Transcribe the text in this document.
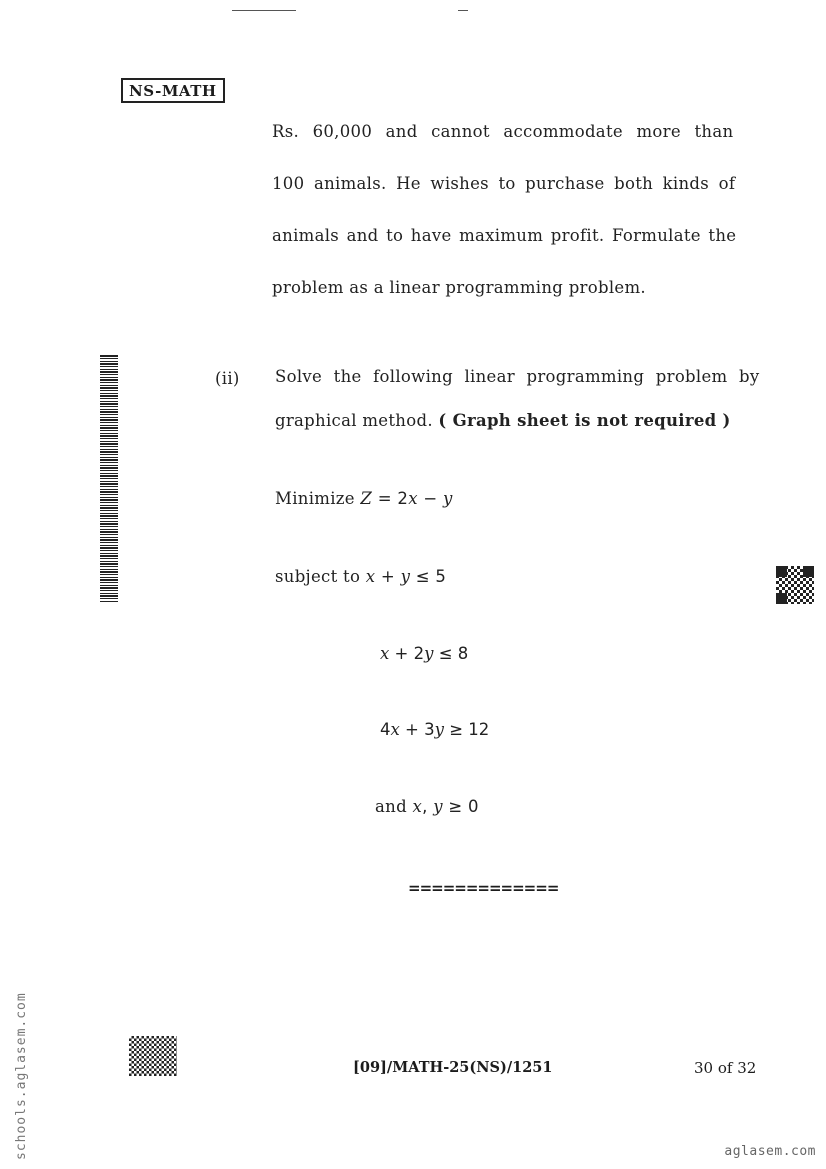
NS-MATH
Rs. 60,000 and cannot accommodate more than
100 animals. He wishes to purchase both kinds of
animals and to have maximum profit. Formulate the
problem as a linear programming problem.
(ii) Solve the following linear programming problem by
graphical method. ( Graph sheet is not required )
Minimize Z = 2x − y
subject to x + y ≤ 5
x + 2y ≤ 8
4x + 3y ≥ 12
and x, y ≥ 0
=============
[09]/MATH-25(NS)/1251	30 of 32
schools.aglasem.com	aglasem.com
